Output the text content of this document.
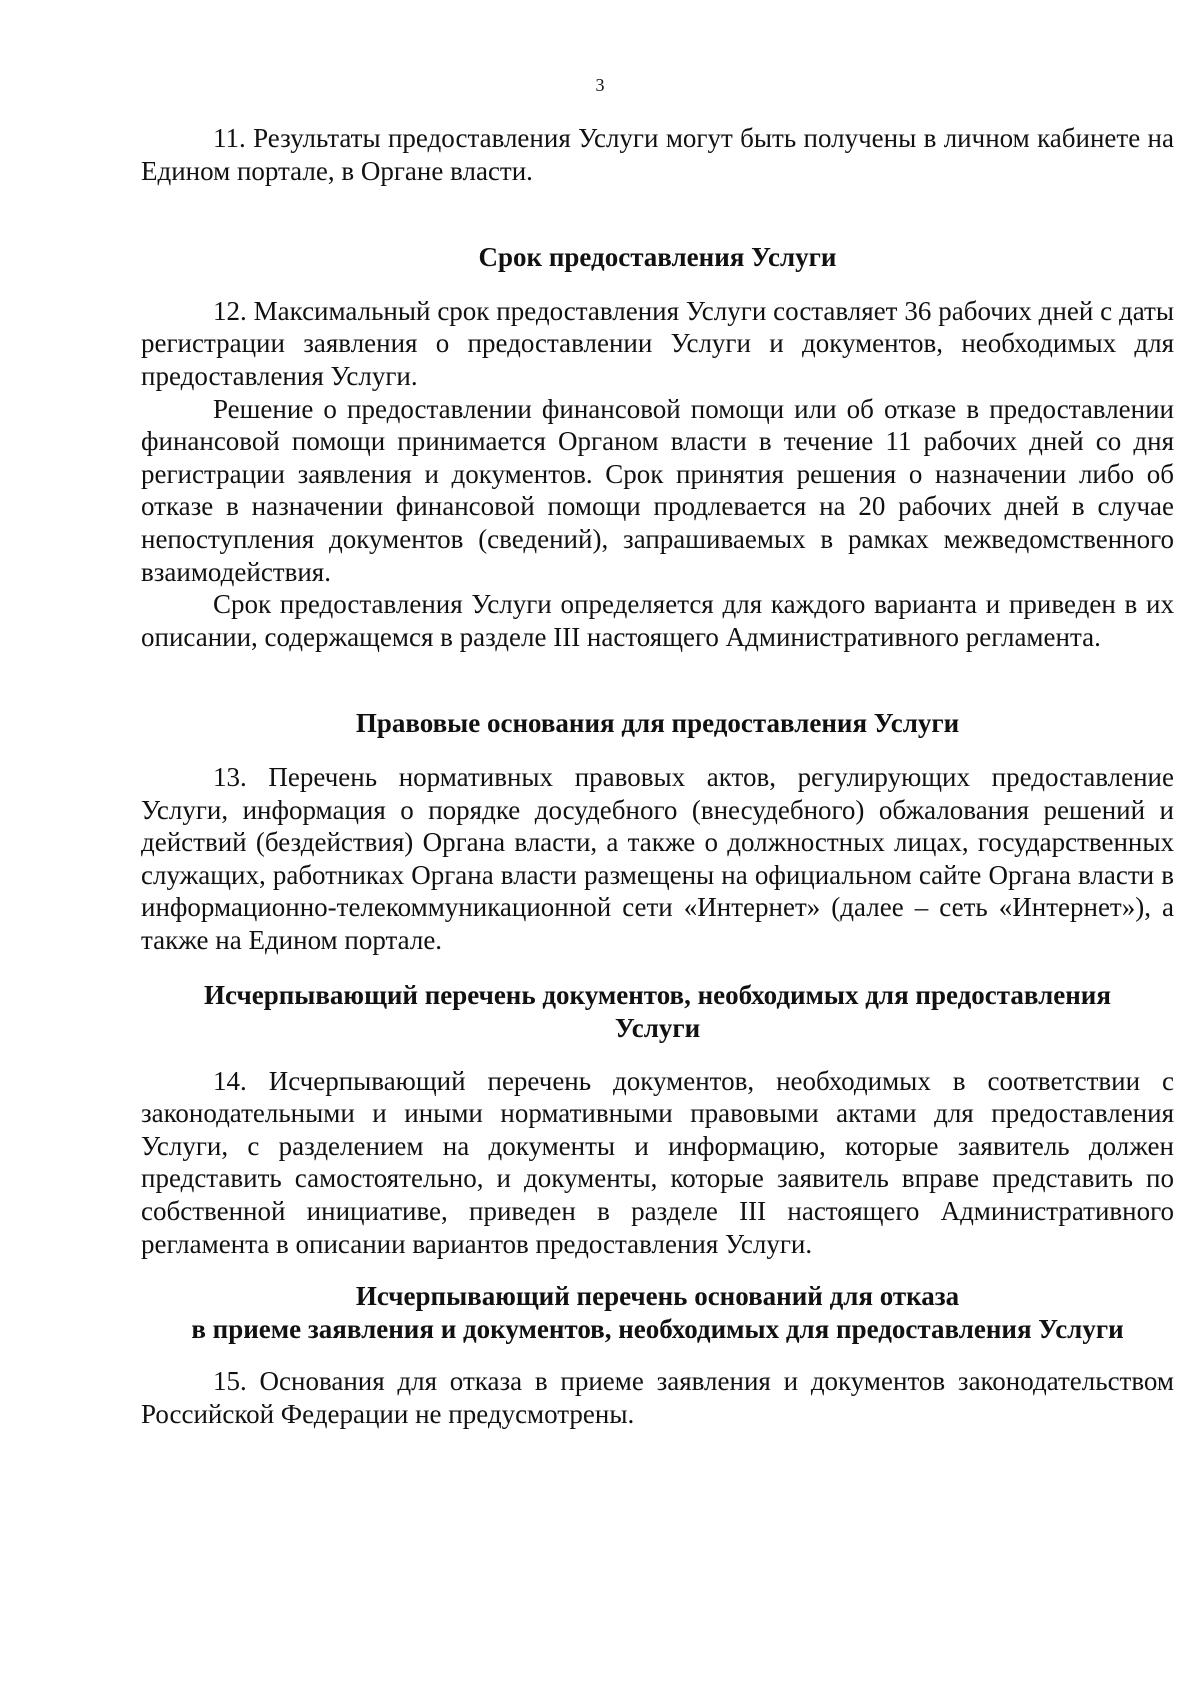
3

11. Результаты предоставления Услуги могут быть получены в личном кабинете на Едином портале, в Органе власти.

Срок предоставления Услуги

12. Максимальный срок предоставления Услуги составляет 36 рабочих дней с даты регистрации заявления о предоставлении Услуги и документов, необходимых для предоставления Услуги.

Решение о предоставлении финансовой помощи или об отказе в предоставлении финансовой помощи принимается Органом власти в течение 11 рабочих дней со дня регистрации заявления и документов. Срок принятия решения о назначении либо об отказе в назначении финансовой помощи продлевается на 20 рабочих дней в случае непоступления документов (сведений), запрашиваемых в рамках межведомственного взаимодействия.

Срок предоставления Услуги определяется для каждого варианта и приведен в их описании, содержащемся в разделе III настоящего Административного регламента.

Правовые основания для предоставления Услуги

13. Перечень нормативных правовых актов, регулирующих предоставление Услуги, информация о порядке досудебного (внесудебного) обжалования решений и действий (бездействия) Органа власти, а также о должностных лицах, государственных служащих, работниках Органа власти размещены на официальном сайте Органа власти в информационно-телекоммуникационной сети «Интернет» (далее – сеть «Интернет»), а также на Едином портале.

Исчерпывающий перечень документов, необходимых для предоставления
Услуги

14. Исчерпывающий перечень документов, необходимых в соответствии с законодательными и иными нормативными правовыми актами для предоставления Услуги, с разделением на документы и информацию, которые заявитель должен представить самостоятельно, и документы, которые заявитель вправе представить по собственной инициативе, приведен в разделе III настоящего Административного регламента в описании вариантов предоставления Услуги.

Исчерпывающий перечень оснований для отказа
в приеме заявления и документов, необходимых для предоставления Услуги

15. Основания для отказа в приеме заявления и документов законодательством Российской Федерации не предусмотрены.
